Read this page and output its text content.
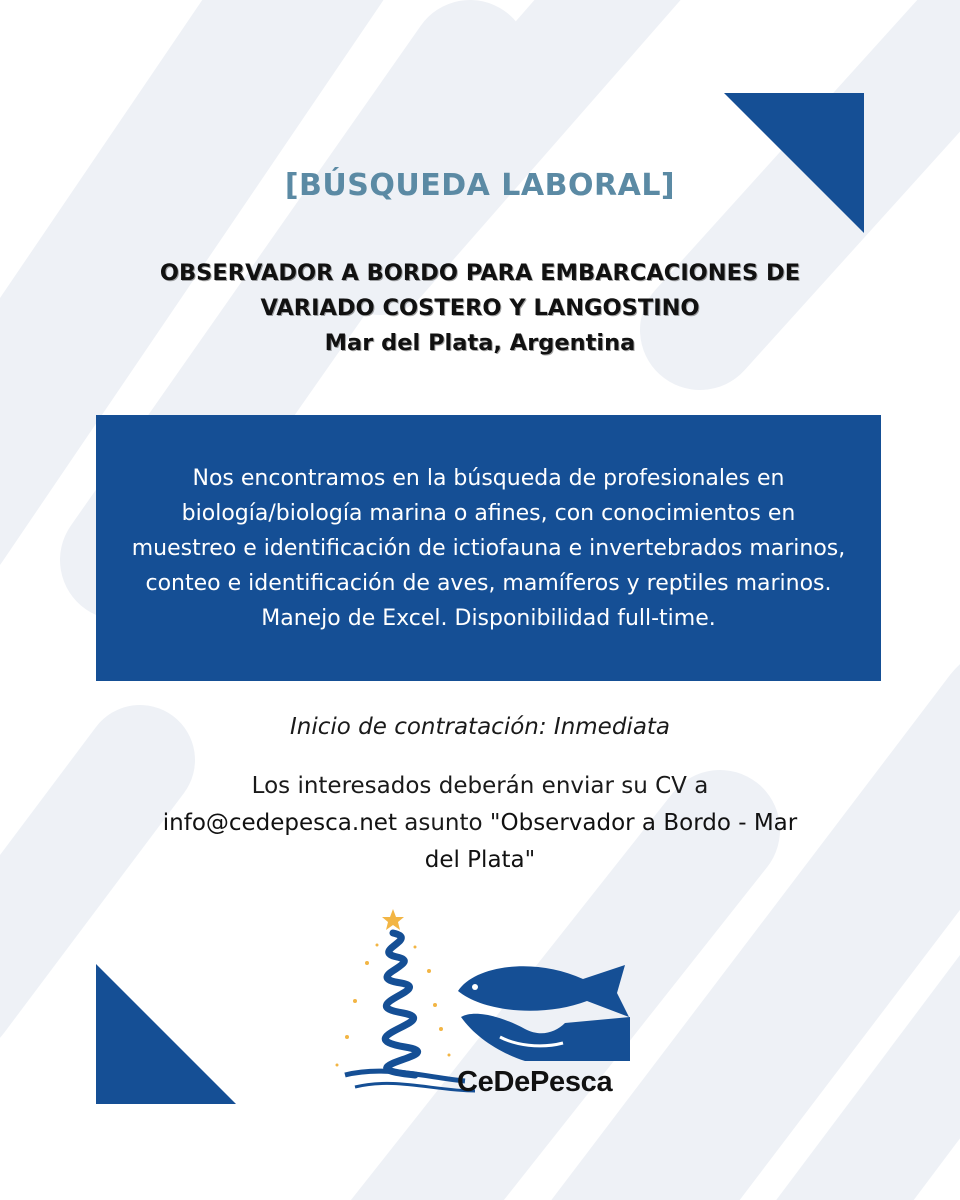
[BÚSQUEDA LABORAL]
OBSERVADOR A BORDO PARA EMBARCACIONES DE
VARIADO COSTERO Y LANGOSTINO
Mar del Plata, Argentina

Nos encontramos en la búsqueda de profesionales en biología/biología marina o afines, con conocimientos en muestreo e identificación de ictiofauna e invertebrados marinos, conteo e identificación de aves, mamíferos y reptiles marinos. Manejo de Excel. Disponibilidad full-time.

Inicio de contratación: Inmediata
Los interesados deberán enviar su CV a
info@cedepesca.net asunto "Observador a Bordo - Mar del Plata"
CeDePesca
